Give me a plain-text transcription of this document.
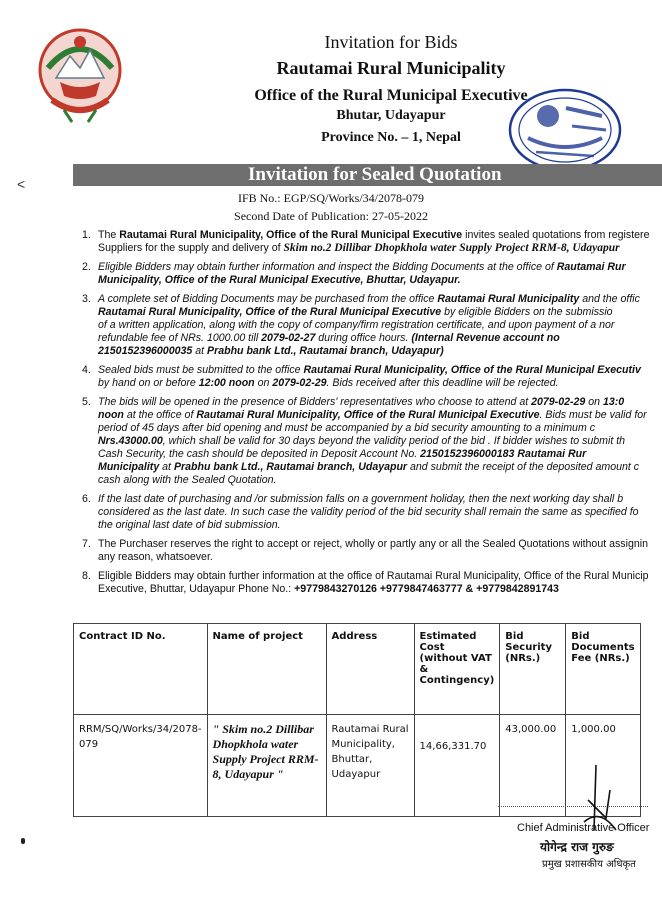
Invitation for Bids
Rautamai Rural Municipality
Office of the Rural Municipal Executive
Bhutar, Udayapur
Province No. – 1, Nepal
<	Invitation for Sealed Quotation
IFB No.: EGP/SQ/Works/34/2078-079
Second Date of Publication: 27-05-2022
1. The Rautamai Rural Municipality, Office of the Rural Municipal Executive invites sealed quotations from registere
Suppliers for the supply and delivery of Skim no.2 Dillibar Dhopkhola water Supply Project RRM-8, Udayapur
2. Eligible Bidders may obtain further information and inspect the Bidding Documents at the office of Rautamai Rur
Municipality, Office of the Rural Municipal Executive, Bhuttar, Udayapur.
3. A complete set of Bidding Documents may be purchased from the office Rautamai Rural Municipality and the offic
Rautamai Rural Municipality, Office of the Rural Municipal Executive by eligible Bidders on the submissio
of a written application, along with the copy of company/firm registration certificate, and upon payment of a nor
refundable fee of NRs. 1000.00 till 2079-02-27 during office hours. (Internal Revenue account no
2150152396000035 at Prabhu bank Ltd., Rautamai branch, Udayapur)
4. Sealed bids must be submitted to the office Rautamai Rural Municipality, Office of the Rural Municipal Executiv
by hand on or before 12:00 noon on 2079-02-29. Bids received after this deadline will be rejected.
5. The bids will be opened in the presence of Bidders' representatives who choose to attend at 2079-02-29 on 13:0
noon at the office of Rautamai Rural Municipality, Office of the Rural Municipal Executive. Bids must be valid for
period of 45 days after bid opening and must be accompanied by a bid security amounting to a minimum c
Nrs.43000.00, which shall be valid for 30 days beyond the validity period of the bid . If bidder wishes to submit th
Cash Security, the cash should be deposited in Deposit Account No. 2150152396000183 Rautamai Rur
Municipality at Prabhu bank Ltd., Rautamai branch, Udayapur and submit the receipt of the deposited amount c
cash along with the Sealed Quotation.
6. If the last date of purchasing and /or submission falls on a government holiday, then the next working day shall b
considered as the last date. In such case the validity period of the bid security shall remain the same as specified fo
the original last date of bid submission.
7. The Purchaser reserves the right to accept or reject, wholly or partly any or all the Sealed Quotations without assignin
any reason, whatsoever.
8. Eligible Bidders may obtain further information at the office of Rautamai Rural Municipality, Office of the Rural Municip
Executive, Bhuttar, Udayapur Phone No.: +9779843270126 +9779847463777 & +9779842891743
Contract ID No.	Name of project	Address	Estimated Cost (without VAT & Contingency)	Bid Security (NRs.)	Bid Documents Fee (NRs.)
RRM/SQ/Works/34/2078-079	" Skim no.2 Dillibar Dhopkhola water Supply Project RRM-8, Udayapur "	Rautamai Rural Municipality, Bhuttar, Udayapur	14,66,331.70	43,000.00	1,000.00
Chief Administrative Officer
योगेन्द्र राज गुरुङ
प्रमुख प्रशासकीय अधिकृत
